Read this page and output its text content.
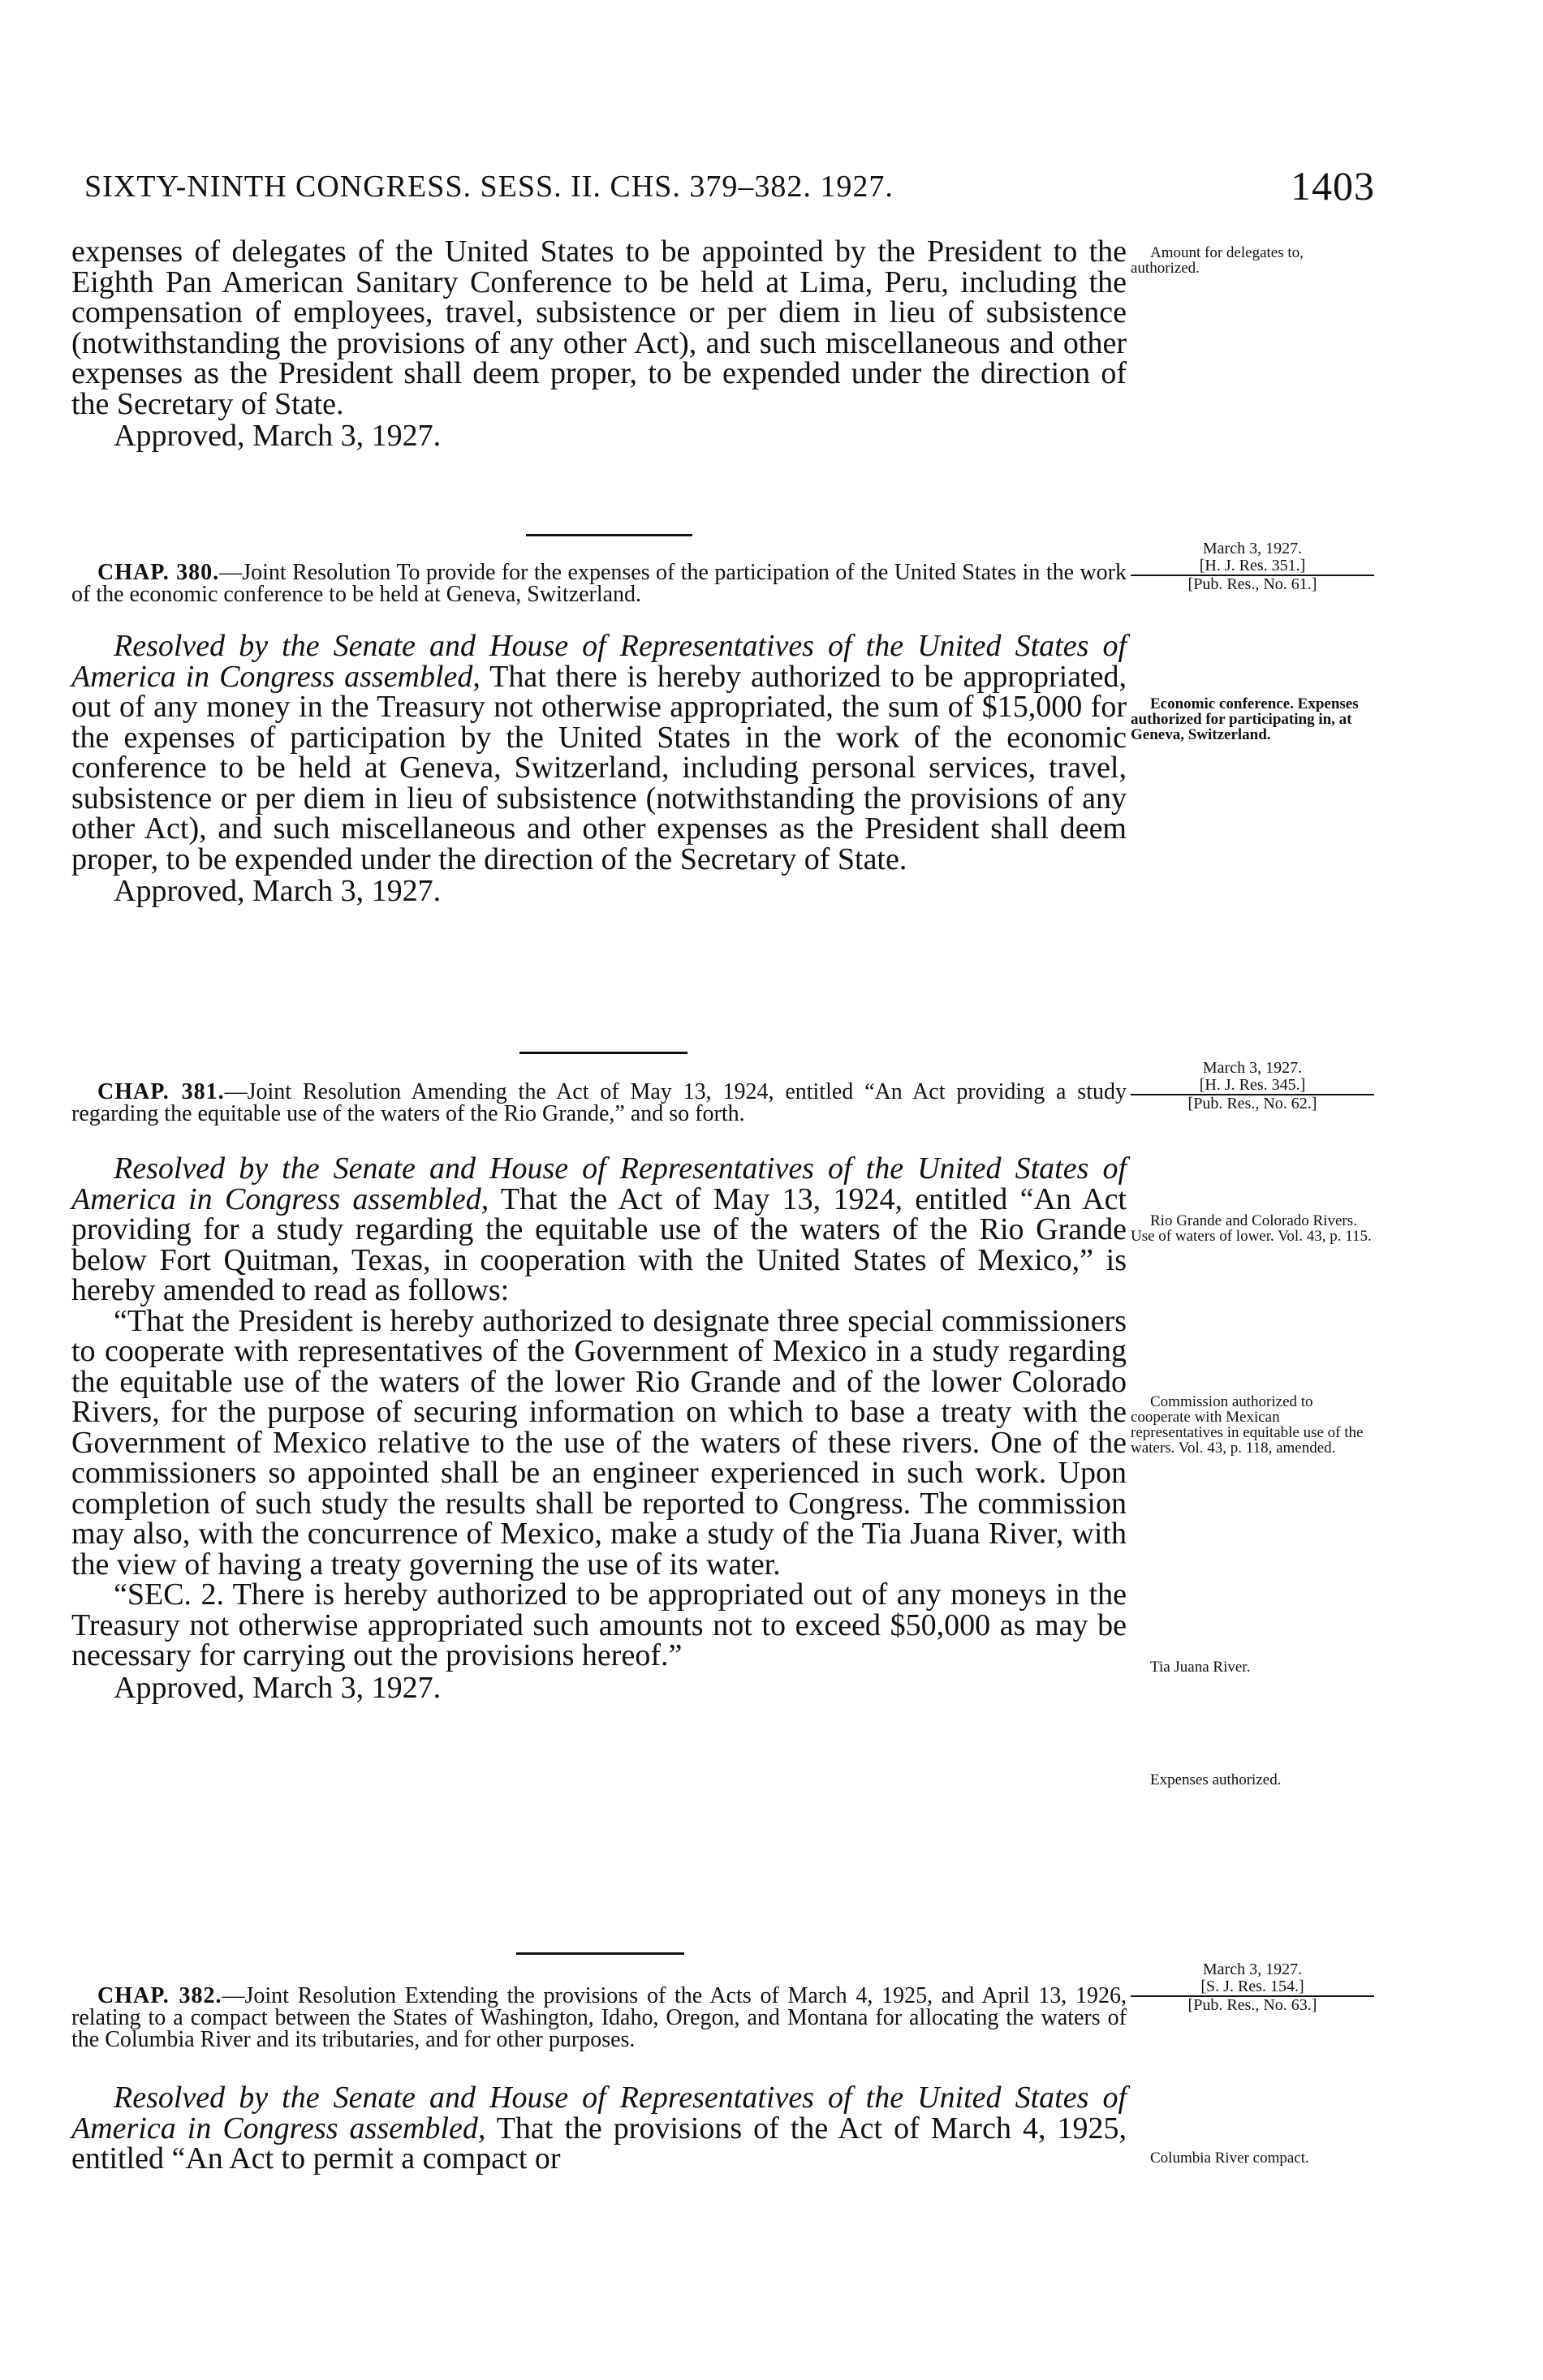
SIXTY-NINTH CONGRESS. SESS. II. CHS. 379–382. 1927.	1403

expenses of delegates of the United States to be appointed by the President to the Eighth Pan American Sanitary Conference to be held at Lima, Peru, including the compensation of employees, travel, subsistence or per diem in lieu of subsistence (notwithstanding the provisions of any other Act), and such miscellaneous and other expenses as the President shall deem proper, to be expended under the direction of the Secretary of State.

Approved, March 3, 1927.

Amount for delegates to, authorized.

CHAP. 380.—Joint Resolution To provide for the expenses of the participation of the United States in the work of the economic conference to be held at Geneva, Switzerland.

Resolved by the Senate and House of Representatives of the United States of America in Congress assembled, That there is hereby authorized to be appropriated, out of any money in the Treasury not otherwise appropriated, the sum of $15,000 for the expenses of participation by the United States in the work of the economic conference to be held at Geneva, Switzerland, including personal services, travel, subsistence or per diem in lieu of subsistence (notwithstanding the provisions of any other Act), and such miscellaneous and other expenses as the President shall deem proper, to be expended under the direction of the Secretary of State.

Approved, March 3, 1927.

March 3, 1927.

[H. J. Res. 351.]

[Pub. Res., No. 61.]

Economic conference. Expenses authorized for participating in, at Geneva, Switzerland.

CHAP. 381.—Joint Resolution Amending the Act of May 13, 1924, entitled “An Act providing a study regarding the equitable use of the waters of the Rio Grande,” and so forth.

Resolved by the Senate and House of Representatives of the United States of America in Congress assembled, That the Act of May 13, 1924, entitled “An Act providing for a study regarding the equitable use of the waters of the Rio Grande below Fort Quitman, Texas, in cooperation with the United States of Mexico,” is hereby amended to read as follows:

“That the President is hereby authorized to designate three special commissioners to cooperate with representatives of the Government of Mexico in a study regarding the equitable use of the waters of the lower Rio Grande and of the lower Colorado Rivers, for the purpose of securing information on which to base a treaty with the Government of Mexico relative to the use of the waters of these rivers. One of the commissioners so appointed shall be an engineer experienced in such work. Upon completion of such study the results shall be reported to Congress. The commission may also, with the concurrence of Mexico, make a study of the Tia Juana River, with the view of having a treaty governing the use of its water.

“SEC. 2. There is hereby authorized to be appropriated out of any moneys in the Treasury not otherwise appropriated such amounts not to exceed $50,000 as may be necessary for carrying out the provisions hereof.”

Approved, March 3, 1927.

March 3, 1927.

[H. J. Res. 345.]

[Pub. Res., No. 62.]

Rio Grande and Colorado Rivers. Use of waters of lower. Vol. 43, p. 115.

Commission authorized to cooperate with Mexican representatives in equitable use of the waters. Vol. 43, p. 118, amended.

Tia Juana River.

Expenses authorized.

CHAP. 382.—Joint Resolution Extending the provisions of the Acts of March 4, 1925, and April 13, 1926, relating to a compact between the States of Washington, Idaho, Oregon, and Montana for allocating the waters of the Columbia River and its tributaries, and for other purposes.

Resolved by the Senate and House of Representatives of the United States of America in Congress assembled, That the provisions of the Act of March 4, 1925, entitled “An Act to permit a compact or

March 3, 1927.

[S. J. Res. 154.]

[Pub. Res., No. 63.]

Columbia River compact.
